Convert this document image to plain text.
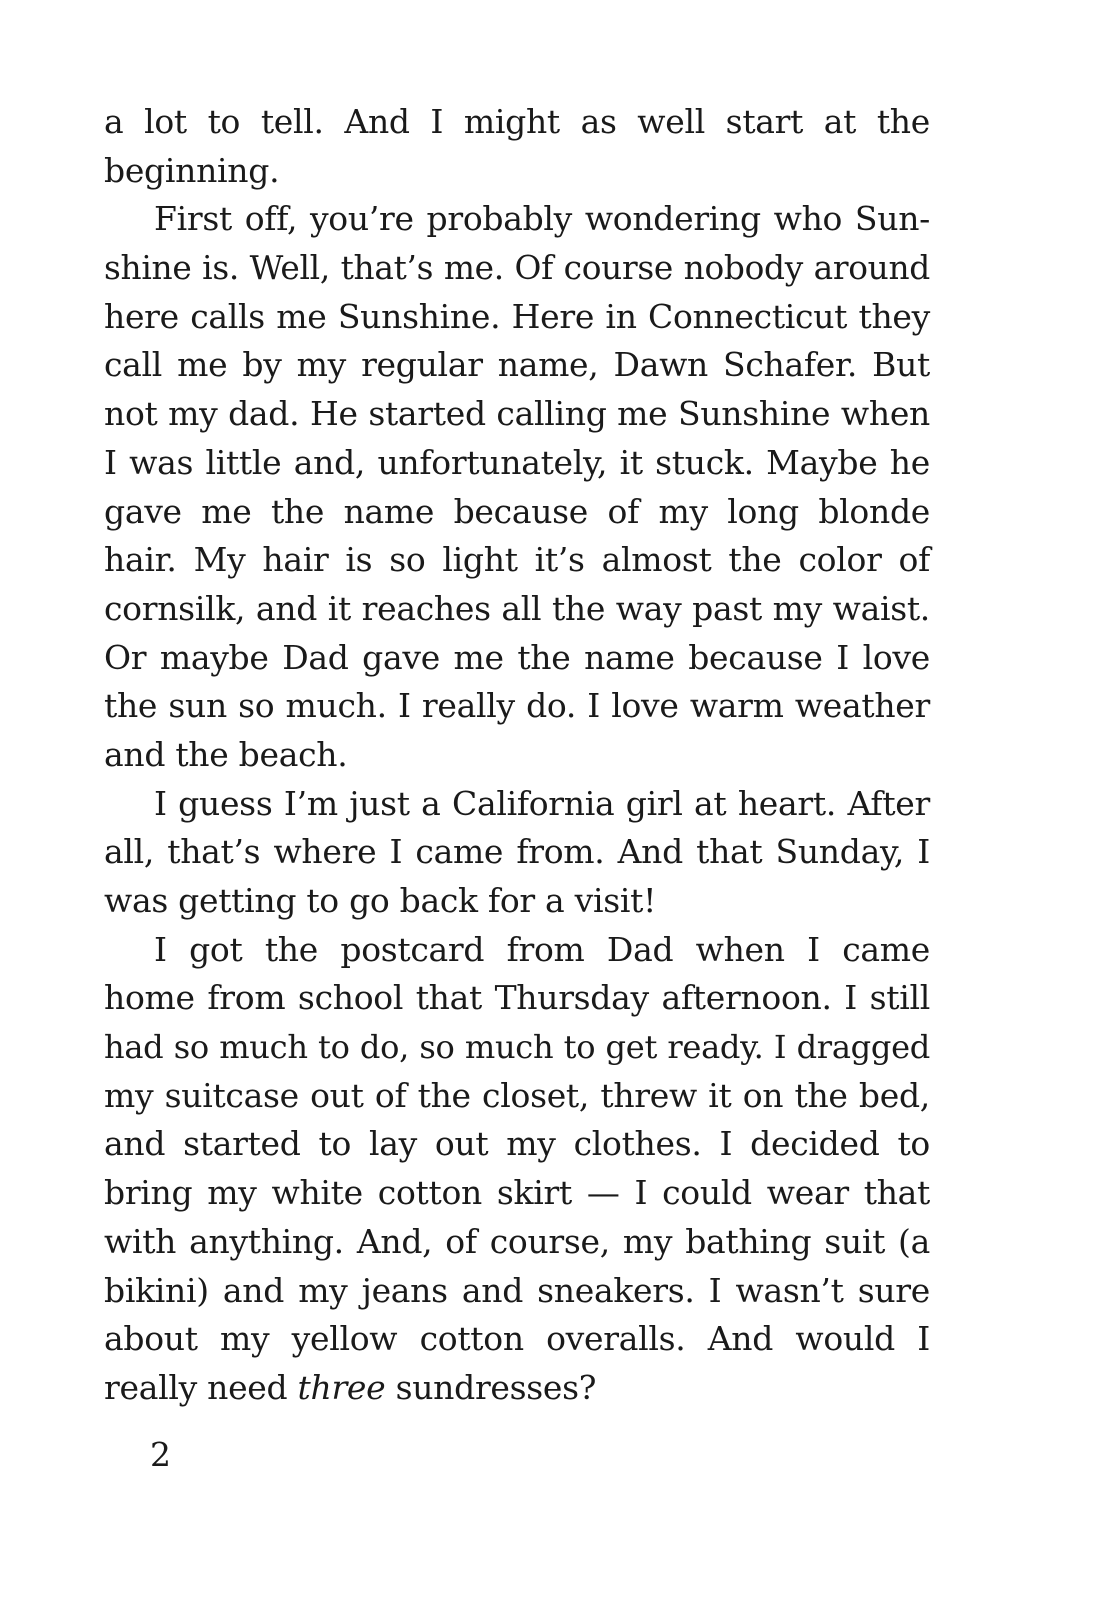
a lot to tell. And I might as well start at the
beginning.
First off, you’re probably wondering who Sun-
shine is. Well, that’s me. Of course nobody around
here calls me Sunshine. Here in Connecticut they
call me by my regular name, Dawn Schafer. But
not my dad. He started calling me Sunshine when
I was little and, unfortunately, it stuck. Maybe he
gave me the name because of my long blonde
hair. My hair is so light it’s almost the color of
cornsilk, and it reaches all the way past my waist.
Or maybe Dad gave me the name because I love
the sun so much. I really do. I love warm weather
and the beach.
I guess I’m just a California girl at heart. After
all, that’s where I came from. And that Sunday, I
was getting to go back for a visit!
I got the postcard from Dad when I came
home from school that Thursday afternoon. I still
had so much to do, so much to get ready. I dragged
my suitcase out of the closet, threw it on the bed,
and started to lay out my clothes. I decided to
bring my white cotton skirt — I could wear that
with anything. And, of course, my bathing suit (a
bikini) and my jeans and sneakers. I wasn’t sure
about my yellow cotton overalls. And would I
really need three sundresses?
2
